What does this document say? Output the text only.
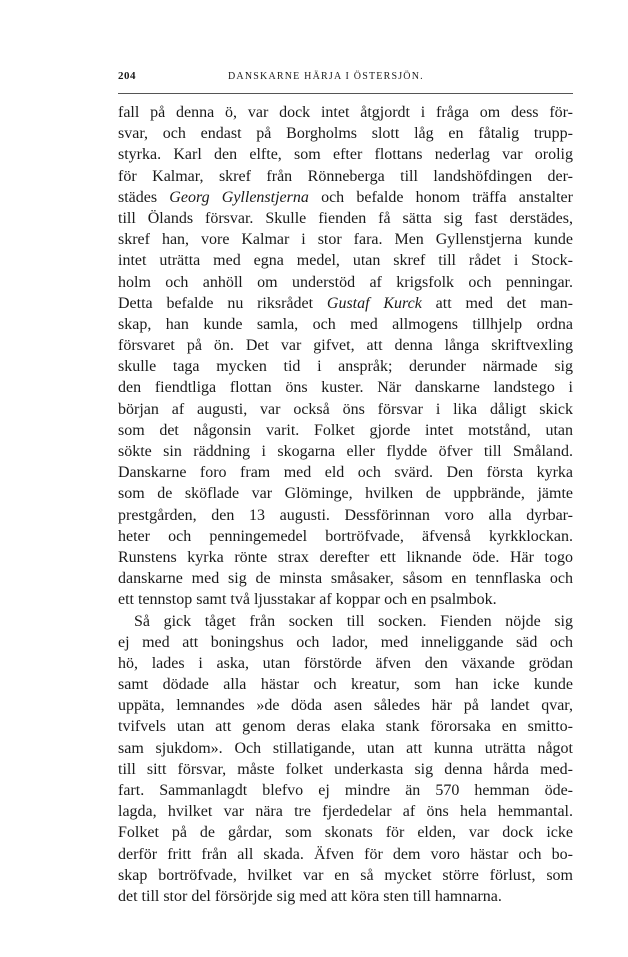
204	DANSKARNE HÄRJA I ÖSTERSJÖN.
fall på denna ö, var dock intet åtgjordt i fråga om dess för-
svar, och endast på Borgholms slott låg en fåtalig trupp-
styrka. Karl den elfte, som efter flottans nederlag var orolig
för Kalmar, skref från Rönneberga till landshöfdingen der-
städes Georg Gyllenstjerna och befalde honom träffa anstalter
till Ölands försvar. Skulle fienden få sätta sig fast derstädes,
skref han, vore Kalmar i stor fara. Men Gyllenstjerna kunde
intet uträtta med egna medel, utan skref till rådet i Stock-
holm och anhöll om understöd af krigsfolk och penningar.
Detta befalde nu riksrådet Gustaf Kurck att med det man-
skap, han kunde samla, och med allmogens tillhjelp ordna
försvaret på ön. Det var gifvet, att denna långa skriftvexling
skulle taga mycken tid i anspråk; derunder närmade sig
den fiendtliga flottan öns kuster. När danskarne landstego i
början af augusti, var också öns försvar i lika dåligt skick
som det någonsin varit. Folket gjorde intet motstånd, utan
sökte sin räddning i skogarna eller flydde öfver till Småland.
Danskarne foro fram med eld och svärd. Den första kyrka
som de sköflade var Glöminge, hvilken de uppbrände, jämte
prestgården, den 13 augusti. Dessförinnan voro alla dyrbar-
heter och penningemedel bortröfvade, äfvenså kyrkklockan.
Runstens kyrka rönte strax derefter ett liknande öde. Här togo
danskarne med sig de minsta småsaker, såsom en tennflaska och
ett tennstop samt två ljusstakar af koppar och en psalmbok.
Så gick tåget från socken till socken. Fienden nöjde sig
ej med att boningshus och lador, med inneliggande säd och
hö, lades i aska, utan förstörde äfven den växande grödan
samt dödade alla hästar och kreatur, som han icke kunde
uppäta, lemnandes »de döda asen således här på landet qvar,
tvifvels utan att genom deras elaka stank förorsaka en smitto-
sam sjukdom». Och stillatigande, utan att kunna uträtta något
till sitt försvar, måste folket underkasta sig denna hårda med-
fart. Sammanlagdt blefvo ej mindre än 570 hemman öde-
lagda, hvilket var nära tre fjerdedelar af öns hela hemmantal.
Folket på de gårdar, som skonats för elden, var dock icke
derför fritt från all skada. Äfven för dem voro hästar och bo-
skap bortröfvade, hvilket var en så mycket större förlust, som
det till stor del försörjde sig med att köra sten till hamnarna.
